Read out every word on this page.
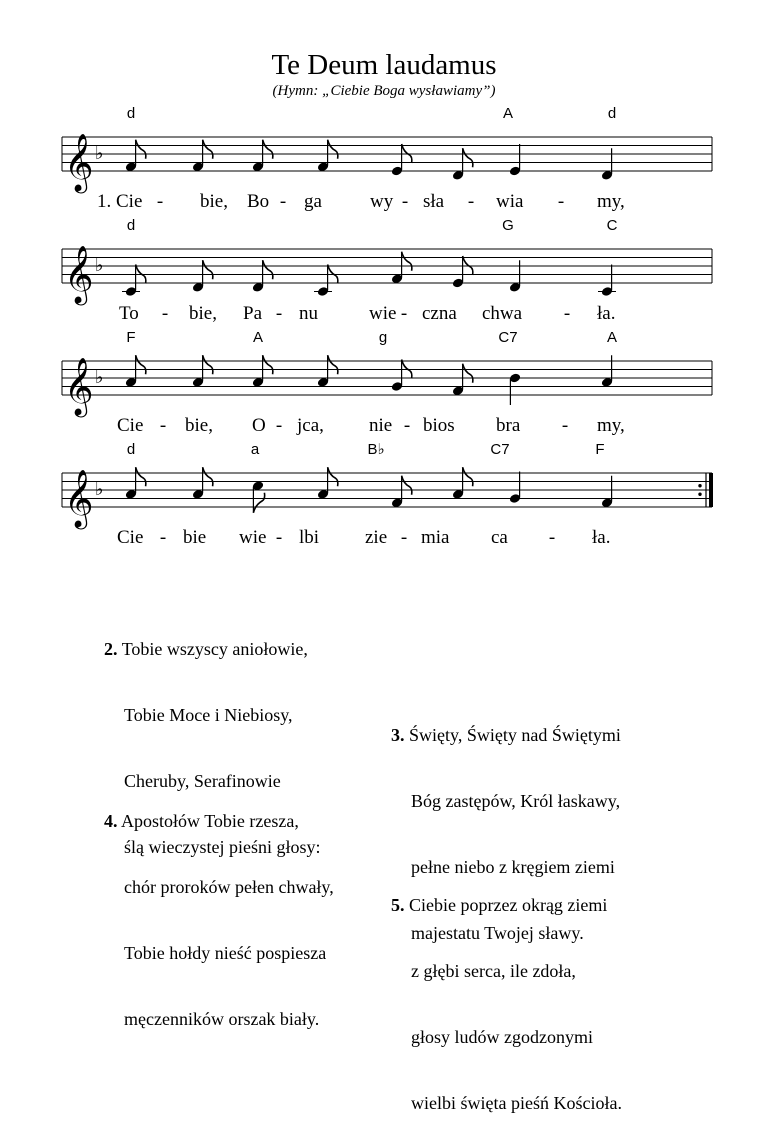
Te Deum laudamus
(Hymn: „Ciebie Boga wysławiamy”)
𝄞 ♭
d	A	d
1. Cie - bie, Bo - ga	wy - sła - wia - my,
𝄞 ♭
d	G	C
To - bie, Pa - nu	wie - czna chwa - ła.
𝄞 ♭
F	A	g	C7	A
Cie - bie, O - jca, nie - bios bra - my,
𝄞 ♭
d	a	B♭	C7	F
Cie - bie wie - lbi zie - mia ca - ła.

2. Tobie wszyscy aniołowie,

Tobie Moce i Niebiosy,

Cheruby, Serafinowie

ślą wieczystej pieśni głosy:

3. Święty, Święty nad Świętymi

Bóg zastępów, Król łaskawy,

pełne niebo z kręgiem ziemi

majestatu Twojej sławy.

4. Apostołów Tobie rzesza,

chór proroków pełen chwały,

Tobie hołdy nieść pospiesza

męczenników orszak biały.

5. Ciebie poprzez okrąg ziemi

z głębi serca, ile zdoła,

głosy ludów zgodzonymi

wielbi święta pieśń Kościoła.
